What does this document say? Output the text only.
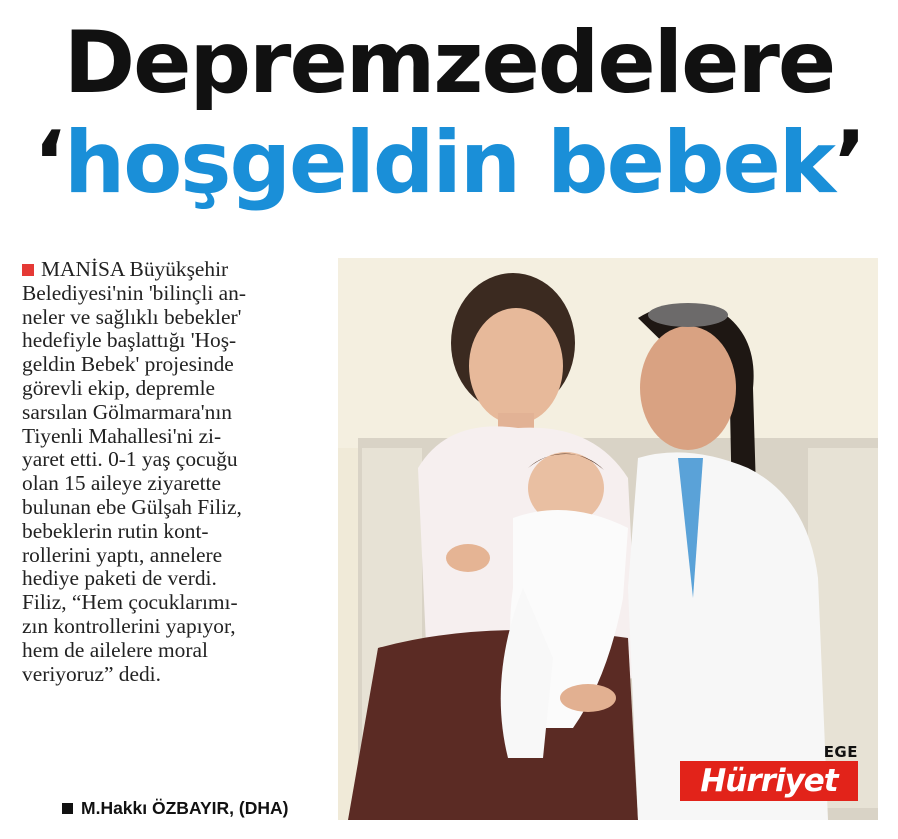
Depremzedelere
‘hoşgeldin bebek’
MANİSA Büyükşehir
Belediyesi'nin 'bilinçli an-
neler ve sağlıklı bebekler'
hedefiyle başlattığı 'Hoş-
geldin Bebek' projesinde
görevli ekip, depremle
sarsılan Gölmarmara'nın
Tiyenli Mahallesi'ni zi-
yaret etti. 0-1 yaş çocuğu
olan 15 aileye ziyarette
bulunan ebe Gülşah Filiz,
bebeklerin rutin kont-
rollerini yaptı, annelere
hediye paketi de verdi.
Filiz, “Hem çocuklarımı-
zın kontrollerini yapıyor,
hem de ailelere moral
veriyoruz” dedi.
M.Hakkı ÖZBAYIR, (DHA)
EGE
Hürriyet
